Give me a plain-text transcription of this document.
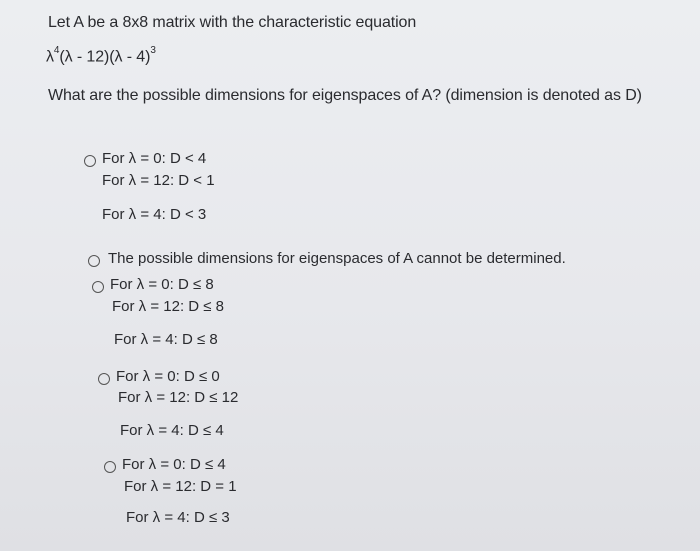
Let A be a 8x8 matrix with the characteristic equation
$\lambda^4(\lambda - 12)(\lambda - 4)^3$
What are the possible dimensions for eigenspaces of A? (dimension is denoted as D)
For λ = 0: D < 4
For λ = 12: D < 1
For λ = 4: D < 3
The possible dimensions for eigenspaces of A cannot be determined.
For λ = 0: D ≤ 8
For λ = 12: D ≤ 8
For λ = 4: D ≤ 8
For λ = 0: D ≤ 0
For λ = 12: D ≤ 12
For λ = 4: D ≤ 4
For λ = 0: D ≤ 4
For λ = 12: D = 1
For λ = 4: D ≤ 3
